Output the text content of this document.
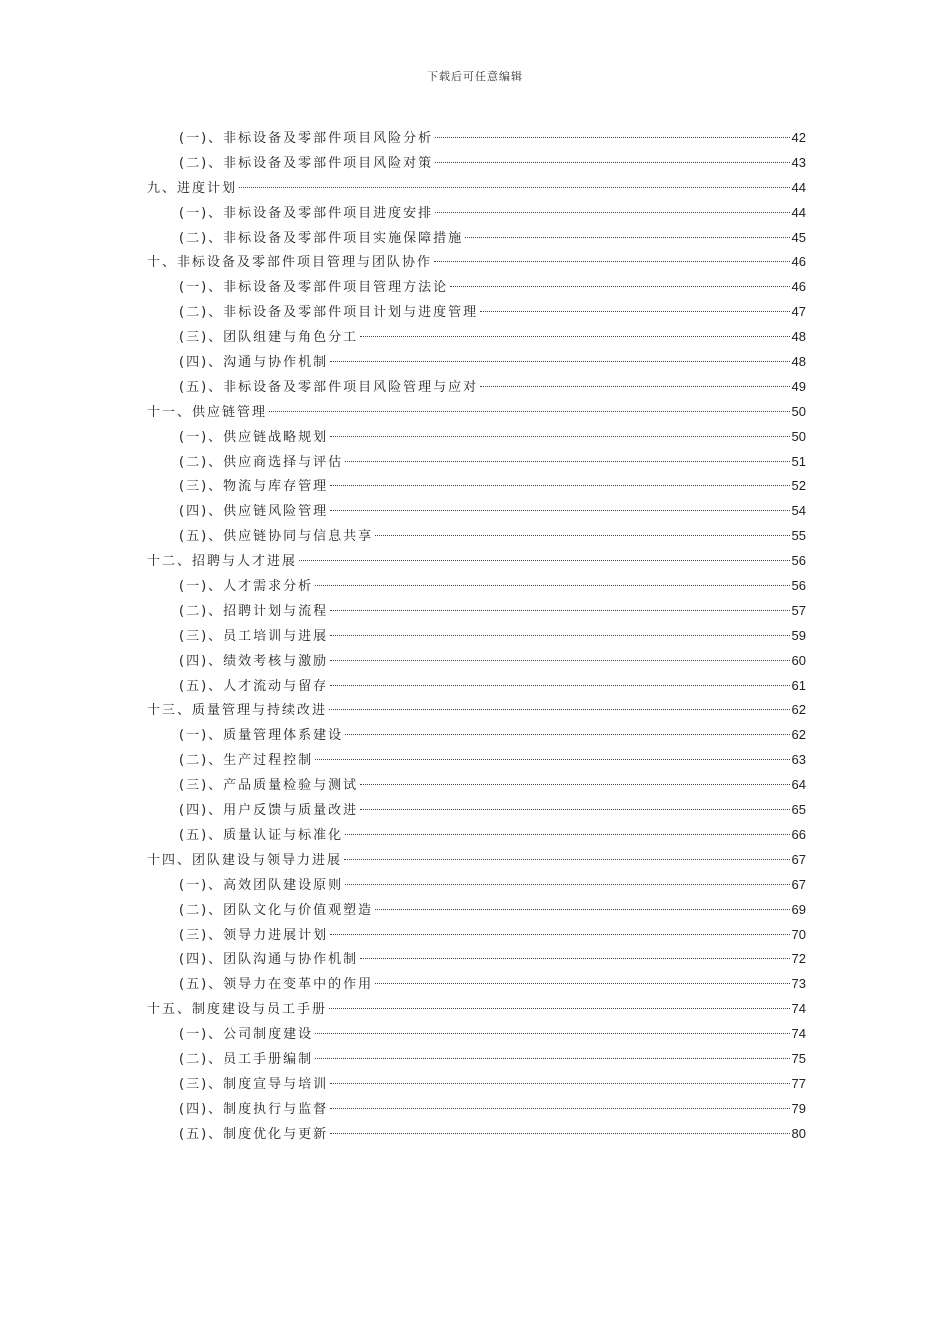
下载后可任意编辑
(一)、非标设备及零部件项目风险分析	42
(二)、非标设备及零部件项目风险对策	43
九、进度计划	44
(一)、非标设备及零部件项目进度安排	44
(二)、非标设备及零部件项目实施保障措施	45
十、非标设备及零部件项目管理与团队协作	46
(一)、非标设备及零部件项目管理方法论	46
(二)、非标设备及零部件项目计划与进度管理	47
(三)、团队组建与角色分工	48
(四)、沟通与协作机制	48
(五)、非标设备及零部件项目风险管理与应对	49
十一、供应链管理	50
(一)、供应链战略规划	50
(二)、供应商选择与评估	51
(三)、物流与库存管理	52
(四)、供应链风险管理	54
(五)、供应链协同与信息共享	55
十二、招聘与人才进展	56
(一)、人才需求分析	56
(二)、招聘计划与流程	57
(三)、员工培训与进展	59
(四)、绩效考核与激励	60
(五)、人才流动与留存	61
十三、质量管理与持续改进	62
(一)、质量管理体系建设	62
(二)、生产过程控制	63
(三)、产品质量检验与测试	64
(四)、用户反馈与质量改进	65
(五)、质量认证与标准化	66
十四、团队建设与领导力进展	67
(一)、高效团队建设原则	67
(二)、团队文化与价值观塑造	69
(三)、领导力进展计划	70
(四)、团队沟通与协作机制	72
(五)、领导力在变革中的作用	73
十五、制度建设与员工手册	74
(一)、公司制度建设	74
(二)、员工手册编制	75
(三)、制度宣导与培训	77
(四)、制度执行与监督	79
(五)、制度优化与更新	80
